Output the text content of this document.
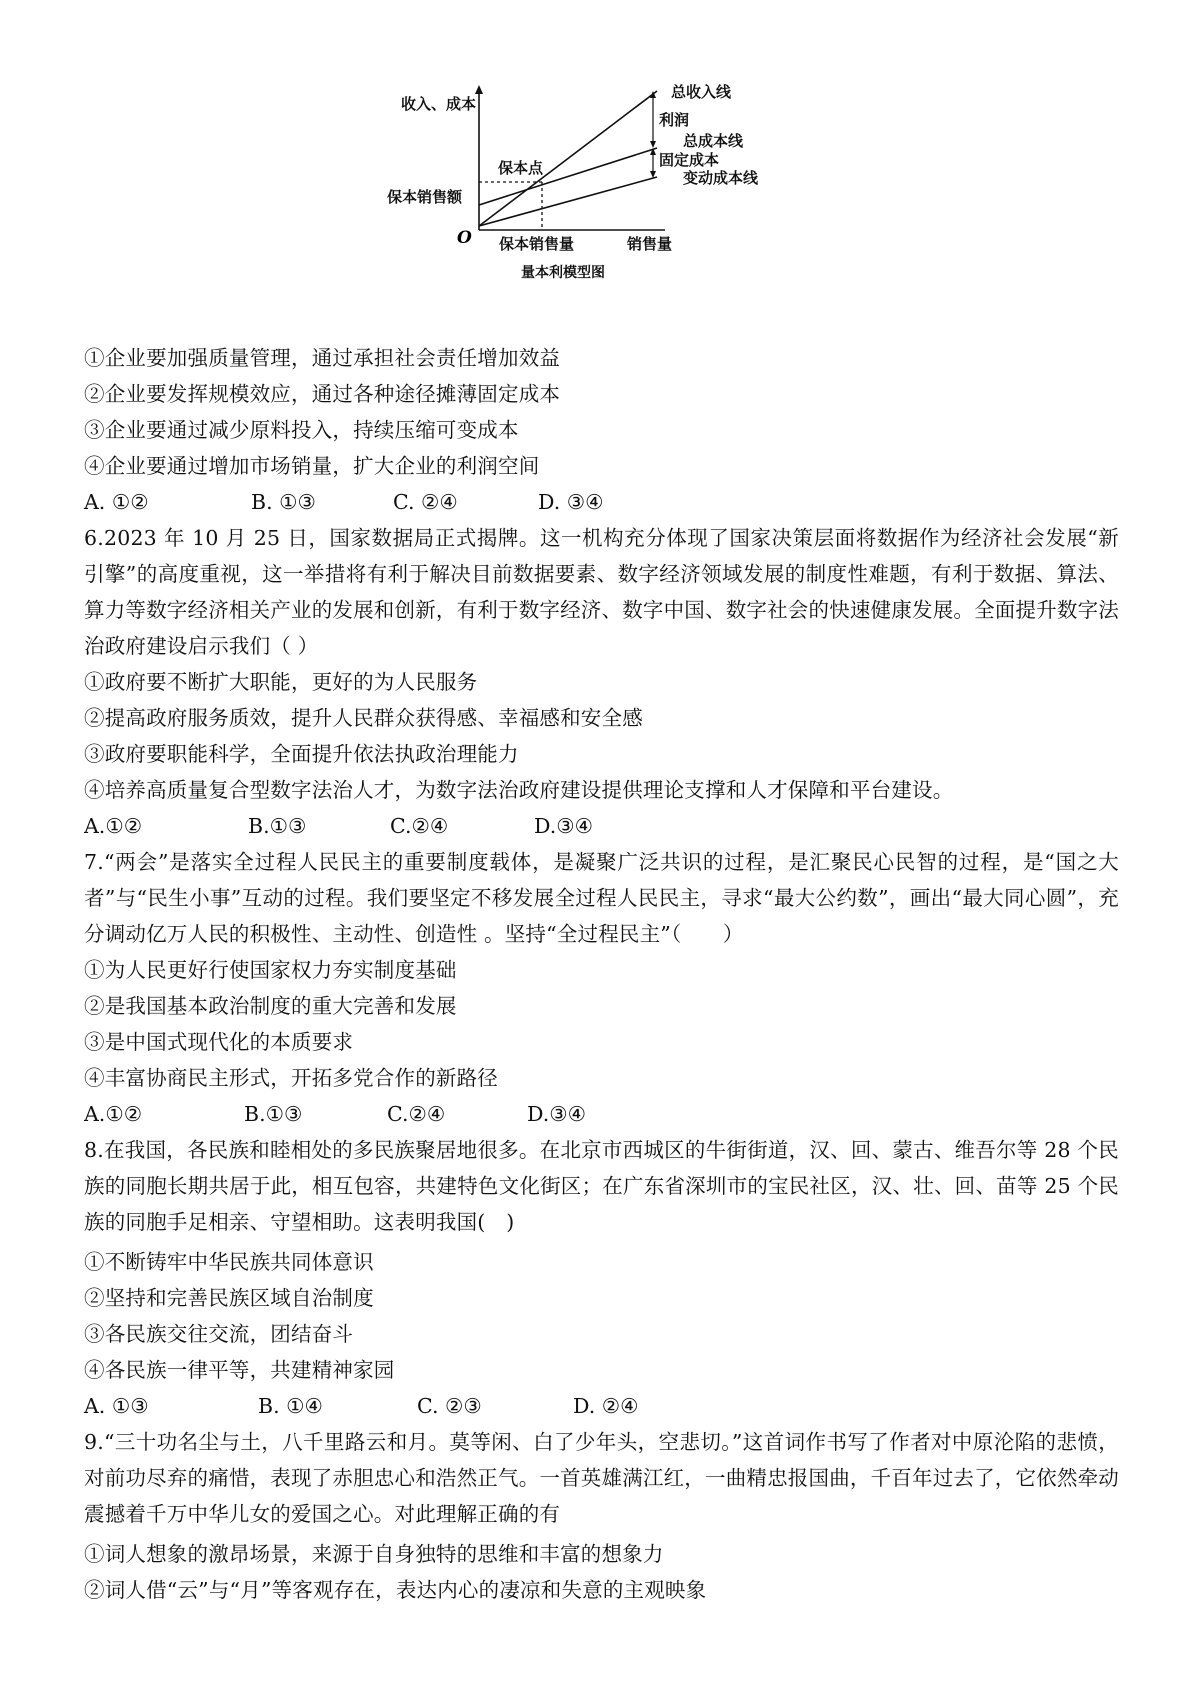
收入、成本
O
保本销售额
保本点
保本销售量	销售量
总收入线
利润
总成本线
固定成本
变动成本线
量本利模型图
①企业要加强质量管理，通过承担社会责任增加效益
②企业要发挥规模效应，通过各种途径摊薄固定成本
③企业要通过减少原料投入，持续压缩可变成本
④企业要通过增加市场销量，扩大企业的利润空间
A. ①②	B. ①③	C. ②④	D. ③④
6.2023 年 10 月 25 日，国家数据局正式揭牌。这一机构充分体现了国家决策层面将数据作为经济社会发展“新引擎”的高度重视，这一举措将有利于解决目前数据要素、数字经济领域发展的制度性难题，有利于数据、算法、算力等数字经济相关产业的发展和创新，有利于数字经济、数字中国、数字社会的快速健康发展。全面提升数字法治政府建设启示我们（ ）
①政府要不断扩大职能，更好的为人民服务
②提高政府服务质效，提升人民群众获得感、幸福感和安全感
③政府要职能科学，全面提升依法执政治理能力
④培养高质量复合型数字法治人才，为数字法治政府建设提供理论支撑和人才保障和平台建设。
A.①②	B.①③	C.②④	D.③④
7.“两会”是落实全过程人民民主的重要制度载体，是凝聚广泛共识的过程，是汇聚民心民智的过程，是“国之大者”与“民生小事”互动的过程。我们要坚定不移发展全过程人民民主，寻求“最大公约数”，画出“最大同心圆”，充分调动亿万人民的积极性、主动性、创造性 。坚持“全过程民主”（　　）
①为人民更好行使国家权力夯实制度基础
②是我国基本政治制度的重大完善和发展
③是中国式现代化的本质要求
④丰富协商民主形式，开拓多党合作的新路径
A.①②	B.①③	C.②④	D.③④
8.在我国，各民族和睦相处的多民族聚居地很多。在北京市西城区的牛街街道，汉、回、蒙古、维吾尔等 28 个民族的同胞长期共居于此，相互包容，共建特色文化街区；在广东省深圳市的宝民社区，汉、壮、回、苗等 25 个民族的同胞手足相亲、守望相助。这表明我国(　)
①不断铸牢中华民族共同体意识
②坚持和完善民族区域自治制度
③各民族交往交流，团结奋斗
④各民族一律平等，共建精神家园
A. ①③	B. ①④	C. ②③	D. ②④
9.“三十功名尘与土，八千里路云和月。莫等闲、白了少年头，空悲切。”这首词作书写了作者对中原沦陷的悲愤，对前功尽弃的痛惜，表现了赤胆忠心和浩然正气。一首英雄满江红，一曲精忠报国曲，千百年过去了，它依然牵动震撼着千万中华儿女的爱国之心。对此理解正确的有
①词人想象的激昂场景，来源于自身独特的思维和丰富的想象力
②词人借“云”与“月”等客观存在，表达内心的凄凉和失意的主观映象
